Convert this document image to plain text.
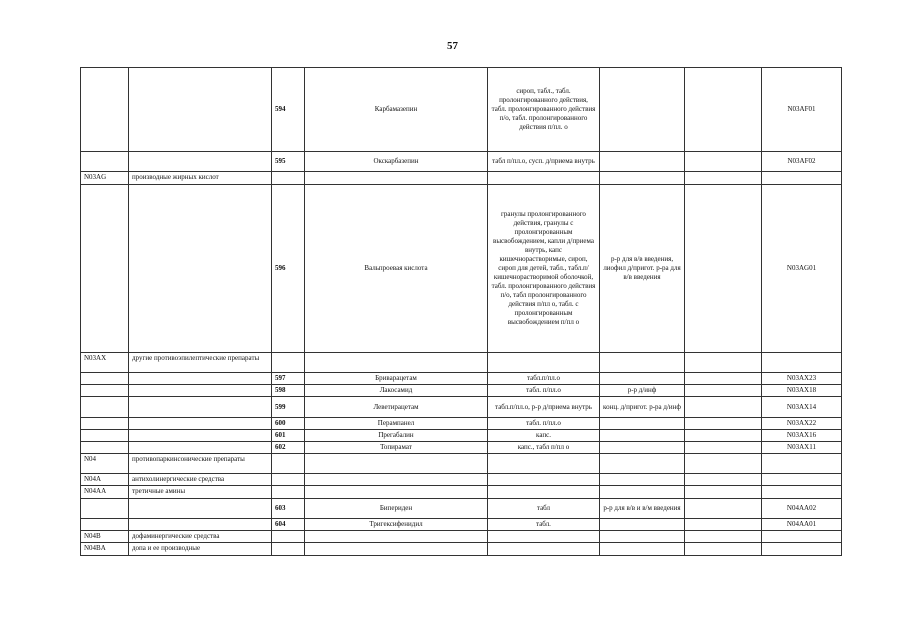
57
		594	Карбамазепин	сироп, табл., табл. пролонгированного действия, табл. пролонгированного действия п/о, табл. пролонгированного действия п/пл. о			N03AF01
		595	Окскарбазепин	табл п/пл.о, сусп. д/приема внутрь			N03AF02
N03AG	производные жирных кислот						
		596	Вальпроевая кислота	гранулы пролонгированного действия, гранулы с пролонгированным высвобождением, капли д/приема внутрь, капс кишечнорастворимые, сироп, сироп для детей, табл., табл.п/кишечнорастворимой оболочкой, табл. пролонгированного действия п/о, табл пролонгированного действия п/пл о, табл. с пролонгированным высвобождением п/пл о	р-р для в/в введения, лиофил д/пригот. р-ра для в/в введения		N03AG01
N03AX	другие противоэпилептические препараты						
		597	Бриварацетам	табл.п/пл.о			N03AX23
		598	Лакосамид	табл. п/пл.о	р-р д/инф		N03AX18
		599	Леветирацетам	табл.п/пл.о, р-р д/приема внутрь	конц. д/пригот. р-ра д/инф		N03AX14
		600	Перампанел	табл. п/пл.о			N03AX22
		601	Прегабалин	капс.			N03AX16
		602	Топирамат	капс., табл п/пл о			N03AX11
N04	противопаркинсонические препараты						
N04A	антихолинергические средства						
N04AA	третичные амины						
		603	Бипериден	табл	р-р для в/в и в/м введения		N04AA02
		604	Тригексифенидил	табл.			N04AA01
N04B	дофаминергические средства						
N04BA	допа и ее производные						
